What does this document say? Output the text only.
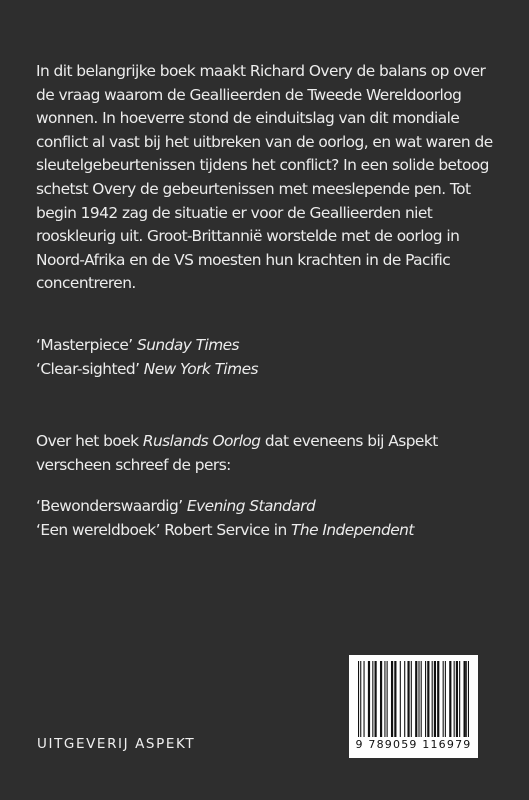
In dit belangrijke boek maakt Richard Overy de balans op over de vraag waarom de Geallieerden de Tweede Wereldoorlog wonnen. In hoeverre stond de einduitslag van dit mondiale conflict al vast bij het uitbreken van de oorlog, en wat waren de sleutelgebeurtenissen tijdens het conflict? In een solide betoog schetst Overy de gebeurtenissen met meeslepende pen. Tot begin 1942 zag de situatie er voor de Geallieerden niet rooskleurig uit. Groot-Brittannië worstelde met de oorlog in Noord-Afrika en de VS moesten hun krachten in de Pacific concentreren.

‘Masterpiece’ Sunday Times

‘Clear-sighted’ New York Times

Over het boek Ruslands Oorlog dat eveneens bij Aspekt verscheen schreef de pers:

‘Bewonderswaardig’ Evening Standard

‘Een wereldboek’ Robert Service in The Independent

UITGEVERIJ ASPEKT	9 789059 116979
